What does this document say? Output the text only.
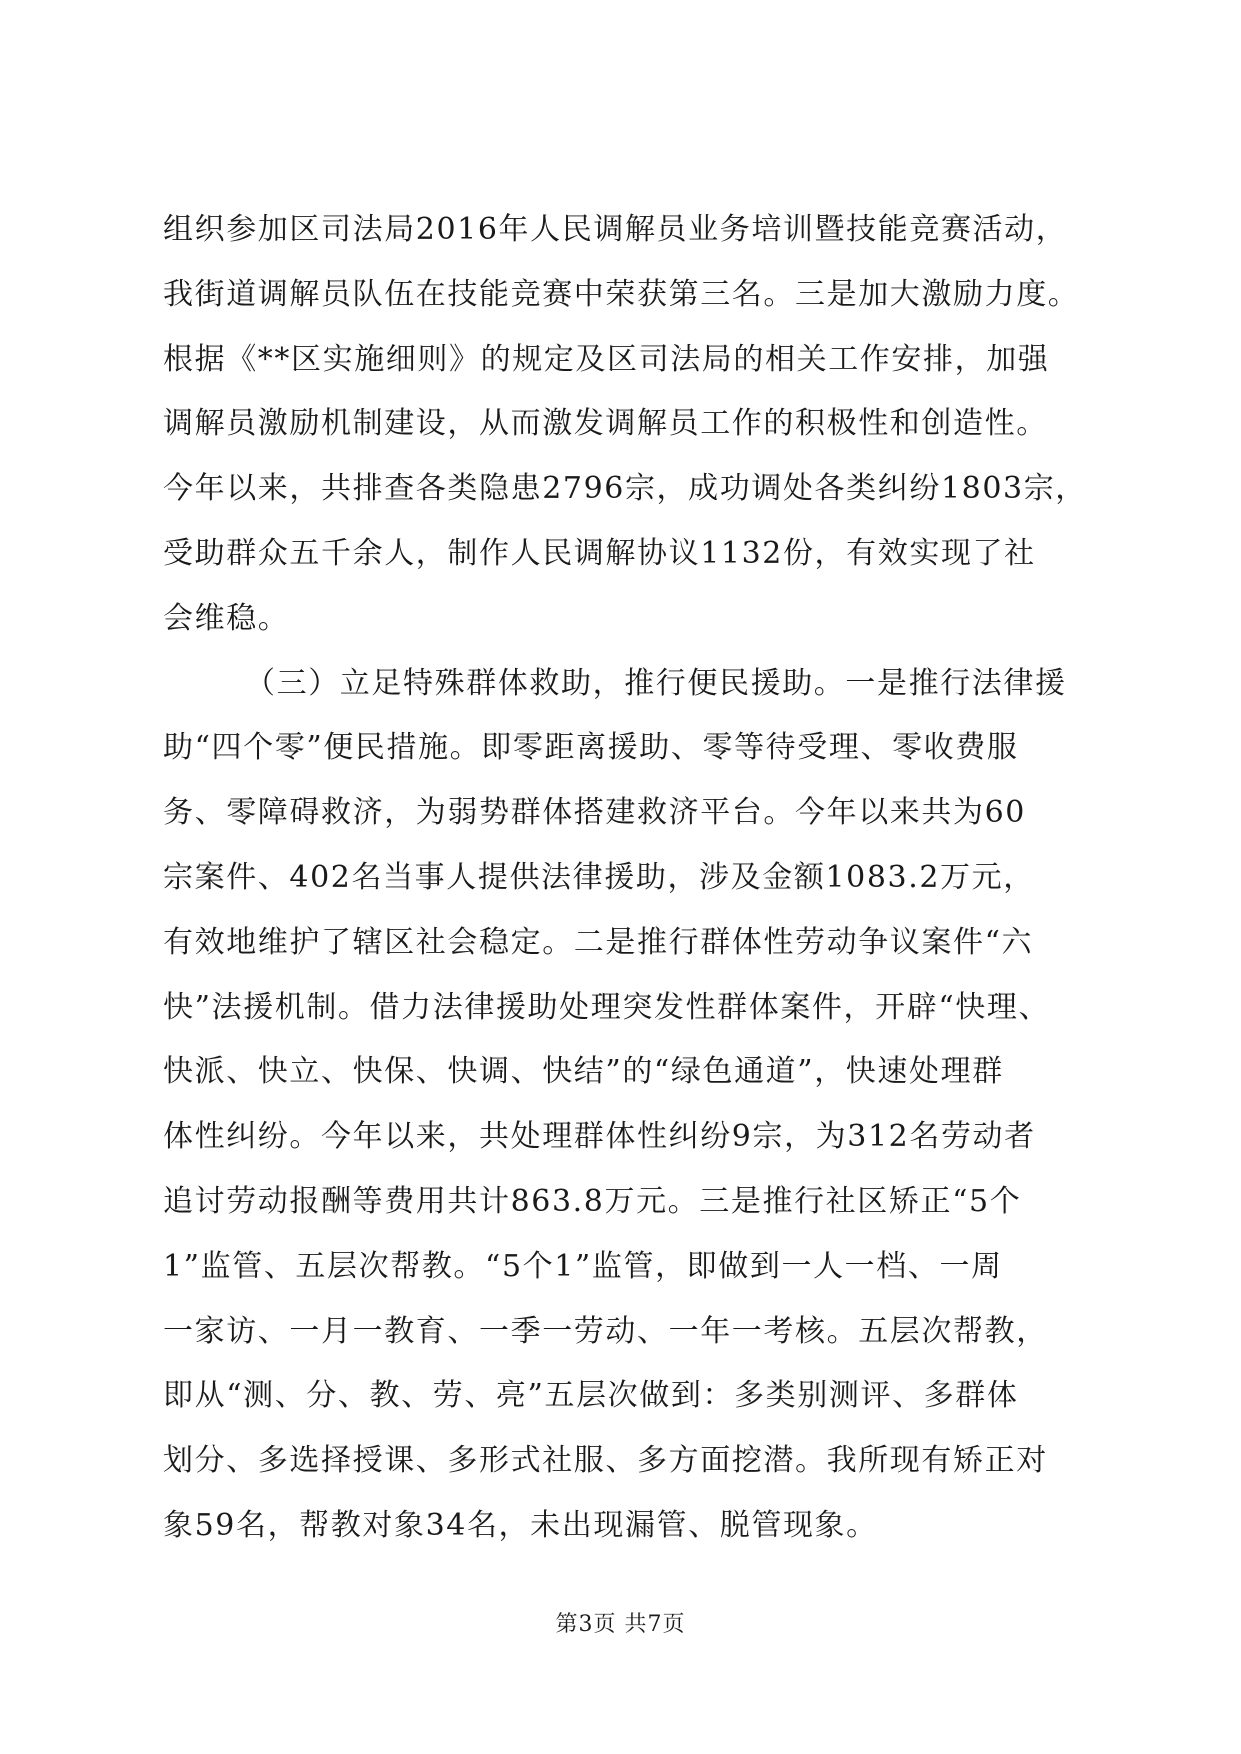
组织参加区司法局2016年人民调解员业务培训暨技能竞赛活动，
我街道调解员队伍在技能竞赛中荣获第三名。三是加大激励力度。
根据《**区实施细则》的规定及区司法局的相关工作安排，加强
调解员激励机制建设，从而激发调解员工作的积极性和创造性。
今年以来，共排查各类隐患2796宗，成功调处各类纠纷1803宗，
受助群众五千余人，制作人民调解协议1132份，有效实现了社
会维稳。
（三）立足特殊群体救助，推行便民援助。一是推行法律援
助“四个零”便民措施。即零距离援助、零等待受理、零收费服
务、零障碍救济，为弱势群体搭建救济平台。今年以来共为60
宗案件、402名当事人提供法律援助，涉及金额1083.2万元，
有效地维护了辖区社会稳定。二是推行群体性劳动争议案件“六
快”法援机制。借力法律援助处理突发性群体案件，开辟“快理、
快派、快立、快保、快调、快结”的“绿色通道”，快速处理群
体性纠纷。今年以来，共处理群体性纠纷9宗，为312名劳动者
追讨劳动报酬等费用共计863.8万元。三是推行社区矫正“5个
1”监管、五层次帮教。“5个1”监管，即做到一人一档、一周
一家访、一月一教育、一季一劳动、一年一考核。五层次帮教，
即从“测、分、教、劳、亮”五层次做到：多类别测评、多群体
划分、多选择授课、多形式社服、多方面挖潜。我所现有矫正对
象59名，帮教对象34名，未出现漏管、脱管现象。
第3页 共7页
